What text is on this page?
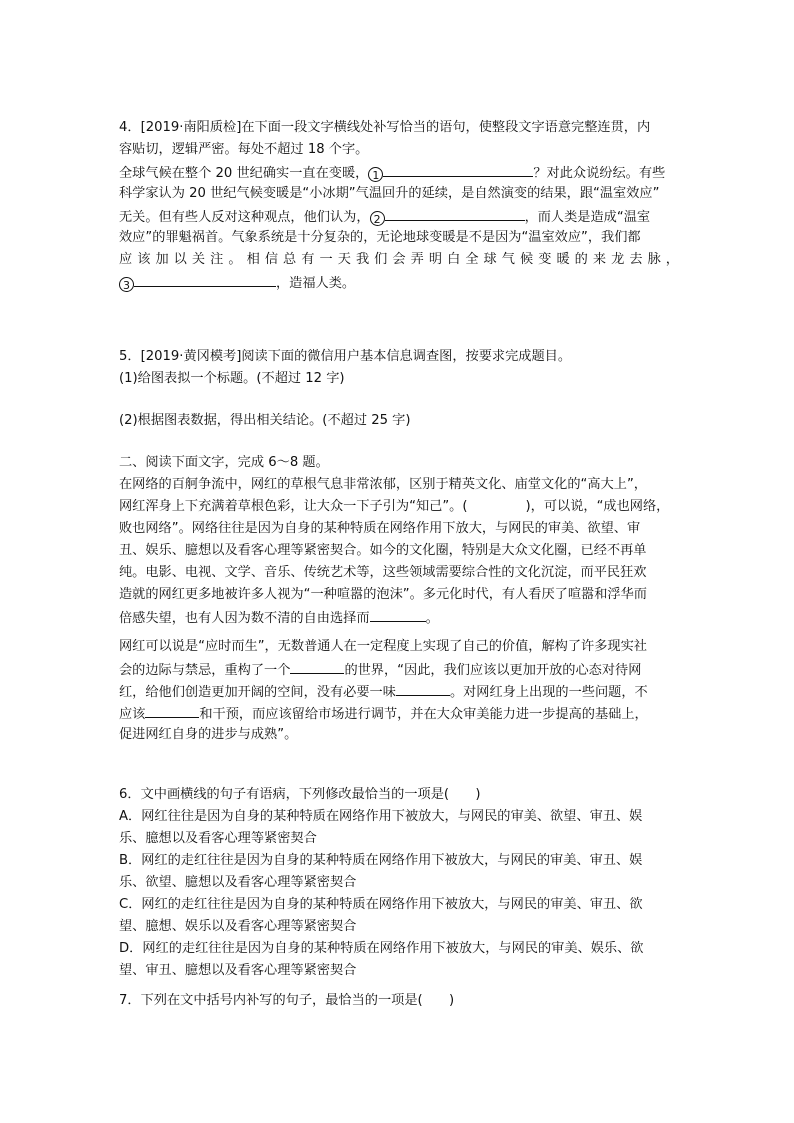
4．[2019·南阳质检]在下面一段文字横线处补写恰当的语句，使整段文字语意完整连贯，内
容贴切，逻辑严密。每处不超过 18 个字。
全球气候在整个 20 世纪确实一直在变暖， 1	？对此众说纷纭。有些
科学家认为 20 世纪气候变暖是“小冰期”气温回升的延续，是自然演变的结果，跟“温室效应”
无关。但有些人反对这种观点，他们认为， 2	，而人类是造成“温室
效应”的罪魁祸首。气象系统是十分复杂的，无论地球变暖是不是因为“温室效应”，我们都
应该加以关注。相信总有一天我们会弄明白全球气候变暖的来龙去脉，
3	，造福人类。
5．[2019·黄冈模考]阅读下面的微信用户基本信息调查图，按要求完成题目。
(1)给图表拟一个标题。(不超过 12 字)
(2)根据图表数据，得出相关结论。(不超过 25 字)
二、阅读下面文字，完成 6～8 题。
在网络的百舸争流中，网红的草根气息非常浓郁，区别于精英文化、庙堂文化的“高大上”，
网红浑身上下充满着草根色彩，让大众一下子引为“知己”。(	)，可以说，“成也网络，
败也网络”。网络往往是因为自身的某种特质在网络作用下放大，与网民的审美、欲望、审
丑、娱乐、臆想以及看客心理等紧密契合。如今的文化圈，特别是大众文化圈，已经不再单
纯。电影、电视、文学、音乐、传统艺术等，这些领域需要综合性的文化沉淀，而平民狂欢
造就的网红更多地被许多人视为“一种喧嚣的泡沫”。多元化时代，有人看厌了喧嚣和浮华而
倍感失望，也有人因为数不清的自由选择而	。
网红可以说是“应时而生”，无数普通人在一定程度上实现了自己的价值，解构了许多现实社
会的边际与禁忌，重构了一个	的世界，“因此，我们应该以更加开放的心态对待网
红，给他们创造更加开阔的空间，没有必要一味	。对网红身上出现的一些问题，不
应该	和干预，而应该留给市场进行调节，并在大众审美能力进一步提高的基础上，
促进网红自身的进步与成熟”。
6．文中画横线的句子有语病，下列修改最恰当的一项是(　　)
A．网红往往是因为自身的某种特质在网络作用下被放大，与网民的审美、欲望、审丑、娱
乐、臆想以及看客心理等紧密契合
B．网红的走红往往是因为自身的某种特质在网络作用下被放大，与网民的审美、审丑、娱
乐、欲望、臆想以及看客心理等紧密契合
C．网红的走红往往是因为自身的某种特质在网络作用下被放大，与网民的审美、审丑、欲
望、臆想、娱乐以及看客心理等紧密契合
D．网红的走红往往是因为自身的某种特质在网络作用下被放大，与网民的审美、娱乐、欲
望、审丑、臆想以及看客心理等紧密契合
7．下列在文中括号内补写的句子，最恰当的一项是(　　)
